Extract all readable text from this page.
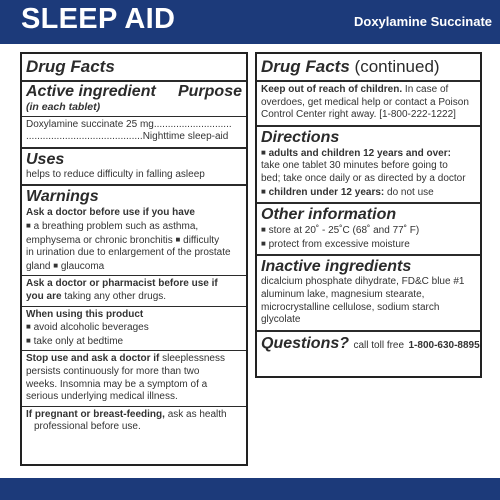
SLEEP AID	Doxylamine Succinate
Drug Facts
Active ingredient	Purpose
(in each tablet)
Doxylamine succinate 25 mg............................
..........................................Nighttime sleep-aid
Uses
helps to reduce difficulty in falling asleep
Warnings
Ask a doctor before use if you have
■ a breathing problem such as asthma,
emphysema or chronic bronchitis ■ difficulty
in urination due to enlargement of the prostate
gland ■ glaucoma
Ask a doctor or pharmacist before use if
you are taking any other drugs.
When using this product
■ avoid alcoholic beverages
■ take only at bedtime
Stop use and ask a doctor if sleeplessness
persists continuously for more than two
weeks. Insomnia may be a symptom of a
serious underlying medical illness.
If pregnant or breast-feeding, ask as health
professional before use.
Drug Facts (continued)
Keep out of reach of children. In case of
overdoes, get medical help or contact a Poison
Control Center right away. [1-800-222-1222]
Directions
■ adults and children 12 years and over:
take one tablet 30 minutes before going to
bed; take once daily or as directed by a doctor
■ children under 12 years: do not use
Other information
■ store at 20˚ - 25˚C (68˚ and 77˚ F)
■ protect from excessive moisture
Inactive ingredients
dicalcium phosphate dihydrate, FD&C blue #1
aluminum lake, magnesium stearate,
microcrystalline cellulose, sodium starch
glycolate
Questions? call toll free 1-800-630-8895
